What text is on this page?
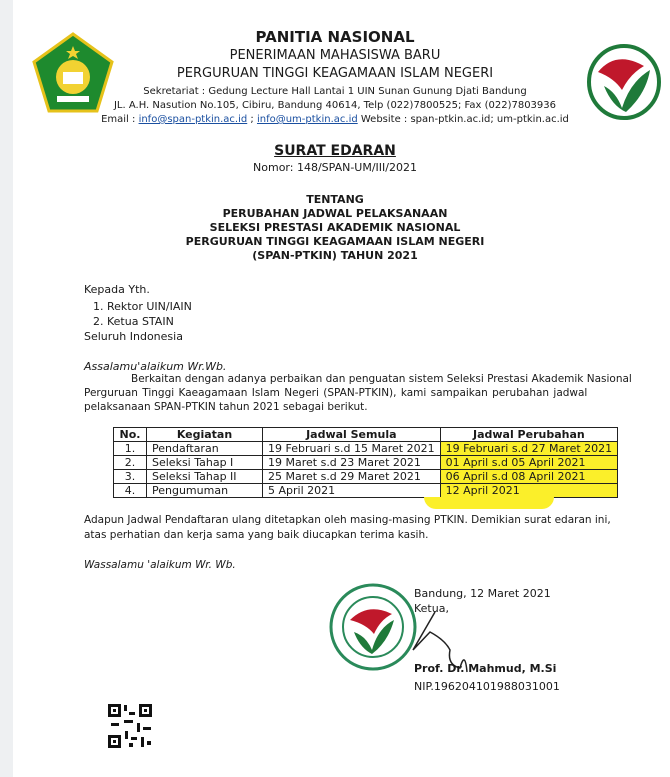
PANITIA NASIONAL
PENERIMAAN MAHASISWA BARU
PERGURUAN TINGGI KEAGAMAAN ISLAM NEGERI
Sekretariat : Gedung Lecture Hall Lantai 1 UIN Sunan Gunung Djati Bandung
JL. A.H. Nasution No.105, Cibiru, Bandung 40614, Telp (022)7800525; Fax (022)7803936
Email : info@span-ptkin.ac.id ; info@um-ptkin.ac.id Website : span-ptkin.ac.id; um-ptkin.ac.id
SURAT EDARAN
Nomor: 148/SPAN-UM/III/2021
TENTANG
PERUBAHAN JADWAL PELAKSANAAN
SELEKSI PRESTASI AKADEMIK NASIONAL
PERGURUAN TINGGI KEAGAMAAN ISLAM NEGERI
(SPAN-PTKIN) TAHUN 2021
Kepada Yth.
1. Rektor UIN/IAIN
2. Ketua STAIN
Seluruh Indonesia
Assalamu'alaikum Wr.Wb.
Berkaitan dengan adanya perbaikan dan penguatan sistem Seleksi Prestasi Akademik Nasional
Perguruan Tinggi Kaeagamaan Islam Negeri (SPAN-PTKIN), kami sampaikan perubahan jadwal
pelaksanaan SPAN-PTKIN tahun 2021 sebagai berikut.
No.	Kegiatan	Jadwal Semula	Jadwal Perubahan
1.	Pendaftaran	19 Februari s.d 15 Maret 2021	19 Februari s.d 27 Maret 2021
2.	Seleksi Tahap I	19 Maret s.d 23 Maret 2021	01 April s.d 05 April 2021
3.	Seleksi Tahap II	25 Maret s.d 29 Maret 2021	06 April s.d 08 April 2021
4.	Pengumuman	5 April 2021	12 April 2021
Adapun Jadwal Pendaftaran ulang ditetapkan oleh masing-masing PTKIN. Demikian surat edaran ini,
atas perhatian dan kerja sama yang baik diucapkan terima kasih.
Wassalamu 'alaikum Wr. Wb.
Bandung, 12 Maret 2021
Ketua,
Prof. Dr. Mahmud, M.Si
NIP.196204101988031001
